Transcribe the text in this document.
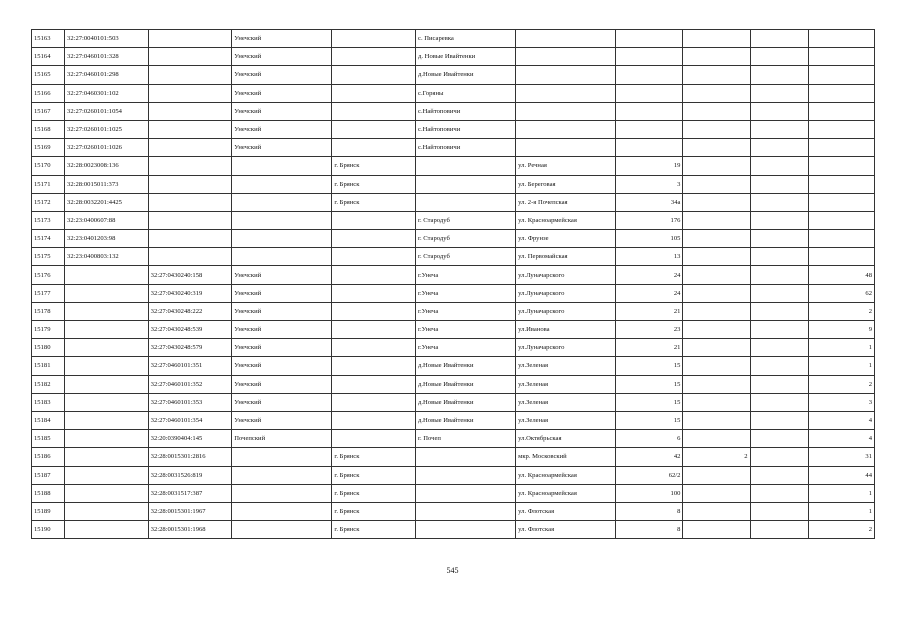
15163	32:27:0040101:503		Унечский		с. Писаревка					
15164	32:27:0460101:328		Унечский		д. Новые Ивайтенки					
15165	32:27:0460101:298		Унечский		д.Новые Ивайтенки					
15166	32:27:0460301:102		Унечский		с.Горяны					
15167	32:27:0260101:1054		Унечский		с.Найтоповичи					
15168	32:27:0260101:1025		Унечский		с.Найтоповичи					
15169	32:27:0260101:1026		Унечский		с.Найтоповичи					
15170	32:28:0023008:136			г. Брянск		ул. Речная	19			
15171	32:28:0015011:373			г. Брянск		ул. Береговая	3			
15172	32:28:0032201:4425			г. Брянск		ул. 2-я Почепская	34а			
15173	32:23:0400607:88				г. Стародуб	ул. Красноармейская	176			
15174	32:23:0401203:98				г. Стародуб	ул. Фрунзе	105			
15175	32:23:0400803:132				г. Стародуб	ул. Первомайская	13			
15176		32:27:0430240:158	Унечский		г.Унеча	ул.Луначарского	24			48
15177		32:27:0430240:319	Унечский		г.Унеча	ул.Луначарского	24			62
15178		32:27:0430248:222	Унечский		г.Унеча	ул.Луначарского	21			2
15179		32:27:0430248:539	Унечский		г.Унеча	ул.Иванова	23			9
15180		32:27:0430248:579	Унечский		г.Унеча	ул.Луначарского	21			1
15181		32:27:0460101:351	Унечский		д.Новые Ивайтенки	ул.Зеленая	15			1
15182		32:27:0460101:352	Унечский		д.Новые Ивайтенки	ул.Зеленая	15			2
15183		32:27:0460101:353	Унечский		д.Новые Ивайтенки	ул.Зеленая	15			3
15184		32:27:0460101:354	Унечский		д.Новые Ивайтенки	ул.Зеленая	15			4
15185		32:20:0390404:145	Почепский		г. Почеп	ул.Октябрьская	6			4
15186		32:28:0015301:2816		г. Брянск		мкр. Московский	42	2		31
15187		32:28:0031526:819		г. Брянск		ул. Красноармейская	62/2			44
15188		32:28:0031517:387		г. Брянск		ул. Красноармейская	100			1
15189		32:28:0015301:1967		г. Брянск		ул. Флотская	8			1
15190		32:28:0015301:1968		г. Брянск		ул. Флотская	8			2
545
